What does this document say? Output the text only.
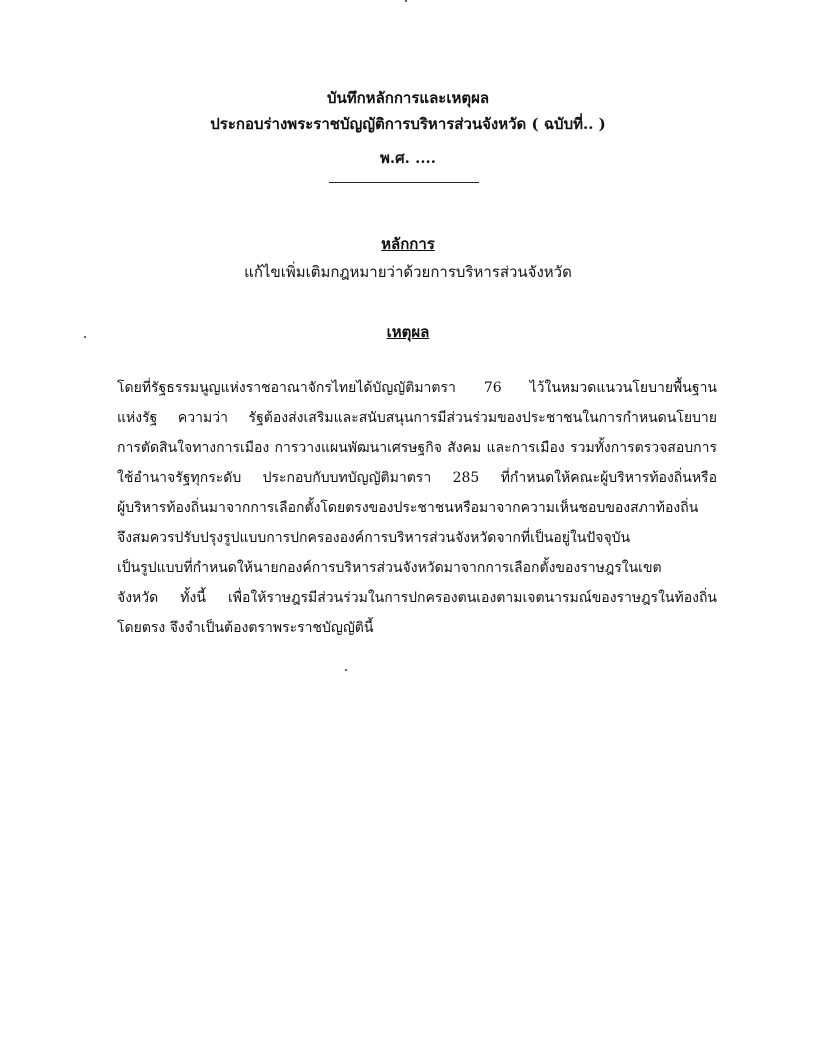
บันทึกหลักการและเหตุผล
ประกอบร่างพระราชบัญญัติการบริหารส่วนจังหวัด ( ฉบับที่.. )
พ.ศ. ....
หลักการ
แก้ไขเพิ่มเติมกฎหมายว่าด้วยการบริหารส่วนจังหวัด
เหตุผล
โดยที่รัฐธรรมนูญแห่งราชอาณาจักรไทยได้บัญญัติมาตรา 76 ไว้ในหมวดแนวนโยบายพื้นฐาน
แห่งรัฐ ความว่า รัฐต้องส่งเสริมและสนับสนุนการมีส่วนร่วมของประชาชนในการกำหนดนโยบาย
การตัดสินใจทางการเมือง การวางแผนพัฒนาเศรษฐกิจ สังคม และการเมือง รวมทั้งการตรวจสอบการ
ใช้อำนาจรัฐทุกระดับ ประกอบกับบทบัญญัติมาตรา 285 ที่กำหนดให้คณะผู้บริหารท้องถิ่นหรือ
ผู้บริหารท้องถิ่นมาจากการเลือกตั้งโดยตรงของประชาชนหรือมาจากความเห็นชอบของสภาท้องถิ่น
จึงสมควรปรับปรุงรูปแบบการปกครององค์การบริหารส่วนจังหวัดจากที่เป็นอยู่ในปัจจุบัน
เป็นรูปแบบที่กำหนดให้นายกองค์การบริหารส่วนจังหวัดมาจากการเลือกตั้งของราษฎรในเขต
จังหวัด ทั้งนี้ เพื่อให้ราษฎรมีส่วนร่วมในการปกครองตนเองตามเจตนารมณ์ของราษฎรในท้องถิ่น
โดยตรง จึงจำเป็นต้องตราพระราชบัญญัตินี้
